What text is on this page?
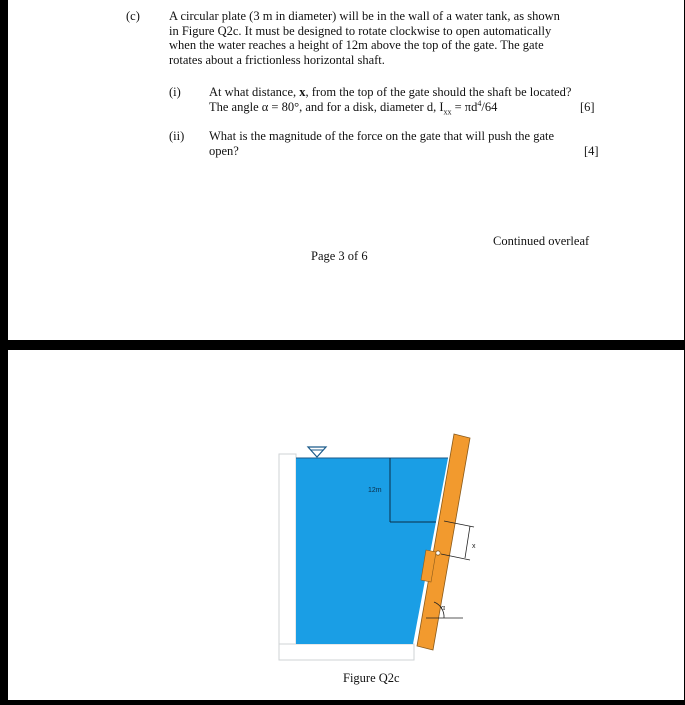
(c) A circular plate (3 m in diameter) will be in the wall of a water tank, as shown
in Figure Q2c. It must be designed to rotate clockwise to open automatically
when the water reaches a height of 12m above the top of the gate. The gate
rotates about a frictionless horizontal shaft.
(i) At what distance, x, from the top of the gate should the shaft be located?
The angle α = 80°, and for a disk, diameter d, $I_{xx} = \pi d^4/64$	[6]
(ii) What is the magnitude of the force on the gate that will push the gate
open?	[4]
Continued overleaf
Page 3 of 6
12m
x
α
Figure Q2c
